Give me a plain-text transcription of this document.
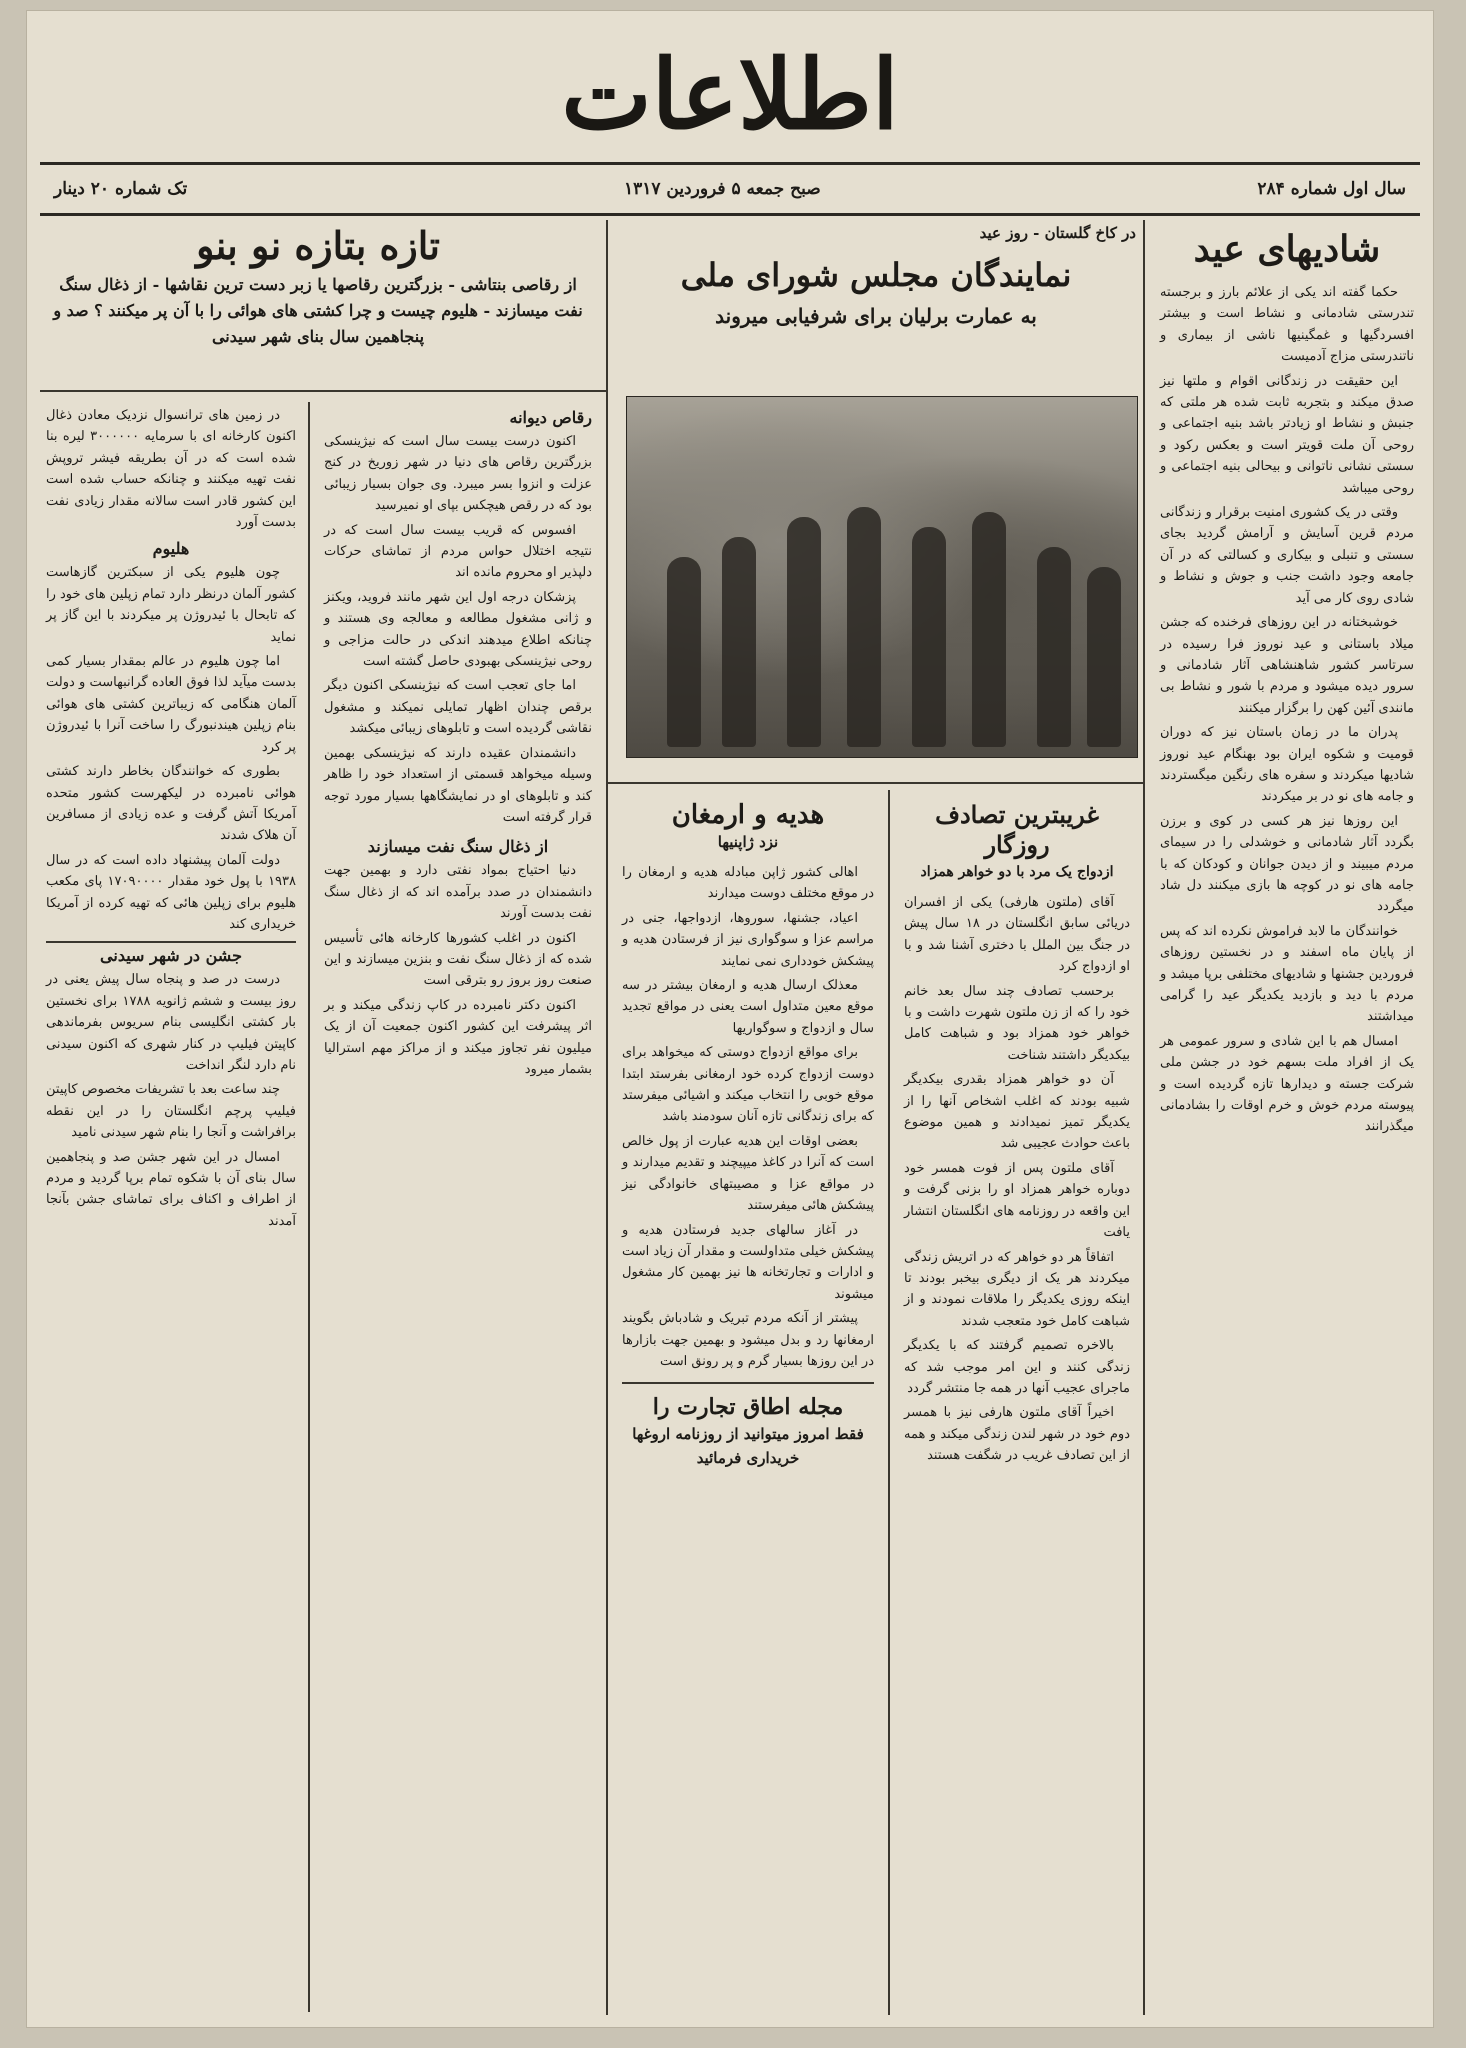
اطلاعات
سال اول شماره ۲۸۴
صبح جمعه ۵ فروردین ۱۳۱۷
تک شماره ۲۰ دینار
شادیهای عید

حکما گفته اند یکی از علائم بارز و برجسته تندرستی شادمانی و نشاط است و بیشتر افسردگیها و غمگینیها ناشی از بیماری و ناتندرستی مزاج آدمیست

این حقیقت در زندگانی اقوام و ملتها نیز صدق میکند و بتجربه ثابت شده هر ملتی که جنبش و نشاط او زیادتر باشد بنیه اجتماعی و روحی آن ملت قویتر است و بعکس رکود و سستی نشانی ناتوانی و بیحالی بنیه اجتماعی و روحی میباشد

وقتی در یک کشوری امنیت برقرار و زندگانی مردم قرین آسایش و آرامش گردید بجای سستی و تنبلی و بیکاری و کسالتی که در آن جامعه وجود داشت جنب و جوش و نشاط و شادی روی کار می آید

خوشبختانه در این روزهای فرخنده که جشن میلاد باستانی و عید نوروز فرا رسیده در سرتاسر کشور شاهنشاهی آثار شادمانی و سرور دیده میشود و مردم با شور و نشاط بی مانندی آئین کهن را برگزار میکنند

پدران ما در زمان باستان نیز که دوران قومیت و شکوه ایران بود بهنگام عید نوروز شادیها میکردند و سفره های رنگین میگستردند و جامه های نو در بر میکردند

این روزها نیز هر کسی در کوی و برزن بگردد آثار شادمانی و خوشدلی را در سیمای مردم میبیند و از دیدن جوانان و کودکان که با جامه های نو در کوچه ها بازی میکنند دل شاد میگردد

خوانندگان ما لابد فراموش نکرده اند که پس از پایان ماه اسفند و در نخستین روزهای فروردین جشنها و شادیهای مختلفی برپا میشد و مردم با دید و بازدید یکدیگر عید را گرامی میداشتند

امسال هم با این شادی و سرور عمومی هر یک از افراد ملت بسهم خود در جشن ملی شرکت جسته و دیدارها تازه گردیده است و پیوسته مردم خوش و خرم اوقات را بشادمانی میگذرانند

در کاخ گلستان - روز عید
نمایندگان مجلس شورای ملی
به عمارت برلیان برای شرفیابی میروند
غریبترین تصادف روزگار
ازدواج یک مرد با دو خواهر همزاد

آقای (ملتون هارفی) یکی از افسران دریائی سابق انگلستان در ۱۸ سال پیش در جنگ بین الملل با دختری آشنا شد و با او ازدواج کرد

برحسب تصادف چند سال بعد خانم خود را که از زن ملتون شهرت داشت و با خواهر خود همزاد بود و شباهت کامل بیکدیگر داشتند شناخت

آن دو خواهر همزاد بقدری بیکدیگر شبیه بودند که اغلب اشخاص آنها را از یکدیگر تمیز نمیدادند و همین موضوع باعث حوادث عجیبی شد

آقای ملتون پس از فوت همسر خود دوباره خواهر همزاد او را بزنی گرفت و این واقعه در روزنامه های انگلستان انتشار یافت

اتفاقاً هر دو خواهر که در اتریش زندگی میکردند هر یک از دیگری بیخبر بودند تا اینکه روزی یکدیگر را ملاقات نمودند و از شباهت کامل خود متعجب شدند

بالاخره تصمیم گرفتند که با یکدیگر زندگی کنند و این امر موجب شد که ماجرای عجیب آنها در همه جا منتشر گردد

اخیراً آقای ملتون هارفی نیز با همسر دوم خود در شهر لندن زندگی میکند و همه از این تصادف غریب در شگفت هستند

هدیه و ارمغان
نزد ژاپنیها

اهالی کشور ژاپن مبادله هدیه و ارمغان را در موقع مختلف دوست میدارند

اعیاد، جشنها، سوروها، ازدواجها، جنی در مراسم عزا و سوگواری نیز از فرستادن هدیه و پیشکش خودداری نمی نمایند

معذلک ارسال هدیه و ارمغان بیشتر در سه موقع معین متداول است یعنی در مواقع تجدید سال و ازدواج و سوگواریها

برای مواقع ازدواج دوستی که میخواهد برای دوست ازدواج کرده خود ارمغانی بفرستد ابتدا موقع خوبی را انتخاب میکند و اشیائی میفرستد که برای زندگانی تازه آنان سودمند باشد

بعضی اوقات این هدیه عبارت از پول خالص است که آنرا در کاغذ میپیچند و تقدیم میدارند و در مواقع عزا و مصیبتهای خانوادگی نیز پیشکش هائی میفرستند

در آغاز سالهای جدید فرستادن هدیه و پیشکش خیلی متداولست و مقدار آن زیاد است و ادارات و تجارتخانه ها نیز بهمین کار مشغول میشوند

پیشتر از آنکه مردم تبریک و شادباش بگویند ارمغانها رد و بدل میشود و بهمین جهت بازارها در این روزها بسیار گرم و پر رونق است

مجله اطاق تجارت را
فقط امروز میتوانید از روزنامه اروغها خریداری فرمائید
تازه بتازه نو بنو
از رقاصی بنتاشی - بزرگترین رقاصها یا زبر دست ترین نقاشها - از ذغال سنگ نفت میسازند - هلیوم چیست و چرا کشتی های هوائی را با آن پر میکنند ؟ صد و پنجاهمین سال بنای شهر سیدنی
رقاص دیوانه

اکنون درست بیست سال است که نیژینسکی بزرگترین رقاص های دنیا در شهر زوریخ در کنج عزلت و انزوا بسر میبرد. وی جوان بسیار زیبائی بود که در رقص هیچکس بپای او نمیرسید

افسوس که قریب بیست سال است که در نتیجه اختلال حواس مردم از تماشای حرکات دلپذیر او محروم مانده اند

پزشکان درجه اول این شهر مانند فروید، ویکنز و ژانی مشغول مطالعه و معالجه وی هستند و چنانکه اطلاع میدهند اندکی در حالت مزاجی و روحی نیژینسکی بهبودی حاصل گشته است

اما جای تعجب است که نیژینسکی اکنون دیگر برقص چندان اظهار تمایلی نمیکند و مشغول نقاشی گردیده است و تابلوهای زیبائی میکشد

دانشمندان عقیده دارند که نیژینسکی بهمین وسیله میخواهد قسمتی از استعداد خود را ظاهر کند و تابلوهای او در نمایشگاهها بسیار مورد توجه قرار گرفته است

از ذغال سنگ نفت میسازند

دنیا احتیاج بمواد نفتی دارد و بهمین جهت دانشمندان در صدد برآمده اند که از ذغال سنگ نفت بدست آورند

اکنون در اغلب کشورها کارخانه هائی تأسیس شده که از ذغال سنگ نفت و بنزین میسازند و این صنعت روز بروز رو بترقی است

اکنون دکتر نامبرده در کاپ زندگی میکند و بر اثر پیشرفت این کشور اکنون جمعیت آن از یک میلیون نفر تجاوز میکند و از مراکز مهم استرالیا بشمار میرود

در زمین های ترانسوال نزدیک معادن ذغال اکنون کارخانه ای با سرمایه ۳۰۰۰۰۰۰ لیره بنا شده است که در آن بطریقه فیشر تروپش نفت تهیه میکنند و چنانکه حساب شده است این کشور قادر است سالانه مقدار زیادی نفت بدست آورد

هلیوم

چون هلیوم یکی از سبکترین گازهاست کشور آلمان درنظر دارد تمام زپلین های خود را که تابحال با ئیدروژن پر میکردند با این گاز پر نماید

اما چون هلیوم در عالم بمقدار بسیار کمی بدست میآید لذا فوق العاده گرانبهاست و دولت آلمان هنگامی که زیباترین کشتی های هوائی بنام زپلین هیندنبورگ را ساخت آنرا با ئیدروژن پر کرد

بطوری که خوانندگان بخاطر دارند کشتی هوائی نامبرده در لیکهرست کشور متحده آمریکا آتش گرفت و عده زیادی از مسافرین آن هلاک شدند

دولت آلمان پیشنهاد داده است که در سال ۱۹۳۸ با پول خود مقدار ۱۷۰۹۰۰۰۰ پای مکعب هلیوم برای زپلین هائی که تهیه کرده از آمریکا خریداری کند

جشن در شهر سیدنی

درست در صد و پنجاه سال پیش یعنی در روز بیست و ششم ژانویه ۱۷۸۸ برای نخستین بار کشتی انگلیسی بنام سریوس بفرماندهی کاپیتن فیلیپ در کنار شهری که اکنون سیدنی نام دارد لنگر انداخت

چند ساعت بعد با تشریفات مخصوص کاپیتن فیلیپ پرچم انگلستان را در این نقطه برافراشت و آنجا را بنام شهر سیدنی نامید

امسال در این شهر جشن صد و پنجاهمین سال بنای آن با شکوه تمام برپا گردید و مردم از اطراف و اکناف برای تماشای جشن بآنجا آمدند
